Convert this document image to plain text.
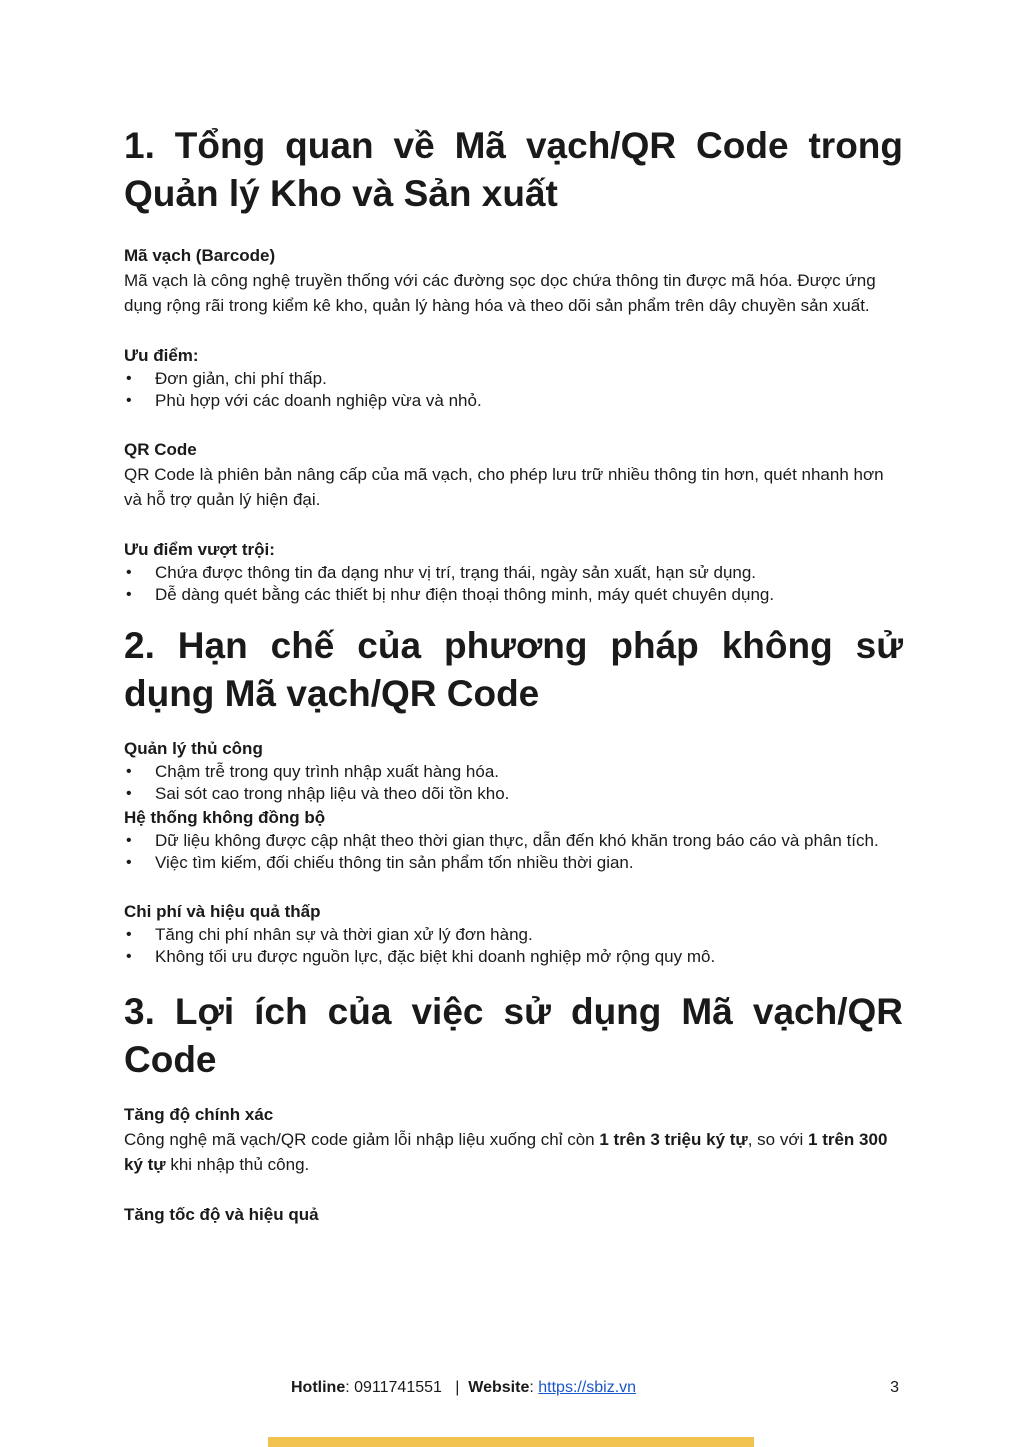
1. Tổng quan về Mã vạch/QR Code trong Quản lý Kho và Sản xuất
Mã vạch (Barcode)

Mã vạch là công nghệ truyền thống với các đường sọc dọc chứa thông tin được mã hóa. Được ứng dụng rộng rãi trong kiểm kê kho, quản lý hàng hóa và theo dõi sản phẩm trên dây chuyền sản xuất.

Ưu điểm:
• Đơn giản, chi phí thấp.
• Phù hợp với các doanh nghiệp vừa và nhỏ.
QR Code

QR Code là phiên bản nâng cấp của mã vạch, cho phép lưu trữ nhiều thông tin hơn, quét nhanh hơn và hỗ trợ quản lý hiện đại.

Ưu điểm vượt trội:
• Chứa được thông tin đa dạng như vị trí, trạng thái, ngày sản xuất, hạn sử dụng.
• Dễ dàng quét bằng các thiết bị như điện thoại thông minh, máy quét chuyên dụng.
2. Hạn chế của phương pháp không sử dụng Mã vạch/QR Code
Quản lý thủ công
• Chậm trễ trong quy trình nhập xuất hàng hóa.
• Sai sót cao trong nhập liệu và theo dõi tồn kho.
Hệ thống không đồng bộ
• Dữ liệu không được cập nhật theo thời gian thực, dẫn đến khó khăn trong báo cáo và phân tích.
• Việc tìm kiếm, đối chiếu thông tin sản phẩm tốn nhiều thời gian.
Chi phí và hiệu quả thấp
• Tăng chi phí nhân sự và thời gian xử lý đơn hàng.
• Không tối ưu được nguồn lực, đặc biệt khi doanh nghiệp mở rộng quy mô.
3. Lợi ích của việc sử dụng Mã vạch/QR Code
Tăng độ chính xác

Công nghệ mã vạch/QR code giảm lỗi nhập liệu xuống chỉ còn 1 trên 3 triệu ký tự, so với 1 trên 300 ký tự khi nhập thủ công.

Tăng tốc độ và hiệu quả
Hotline: 0911741551 | Website: https://sbiz.vn	3
